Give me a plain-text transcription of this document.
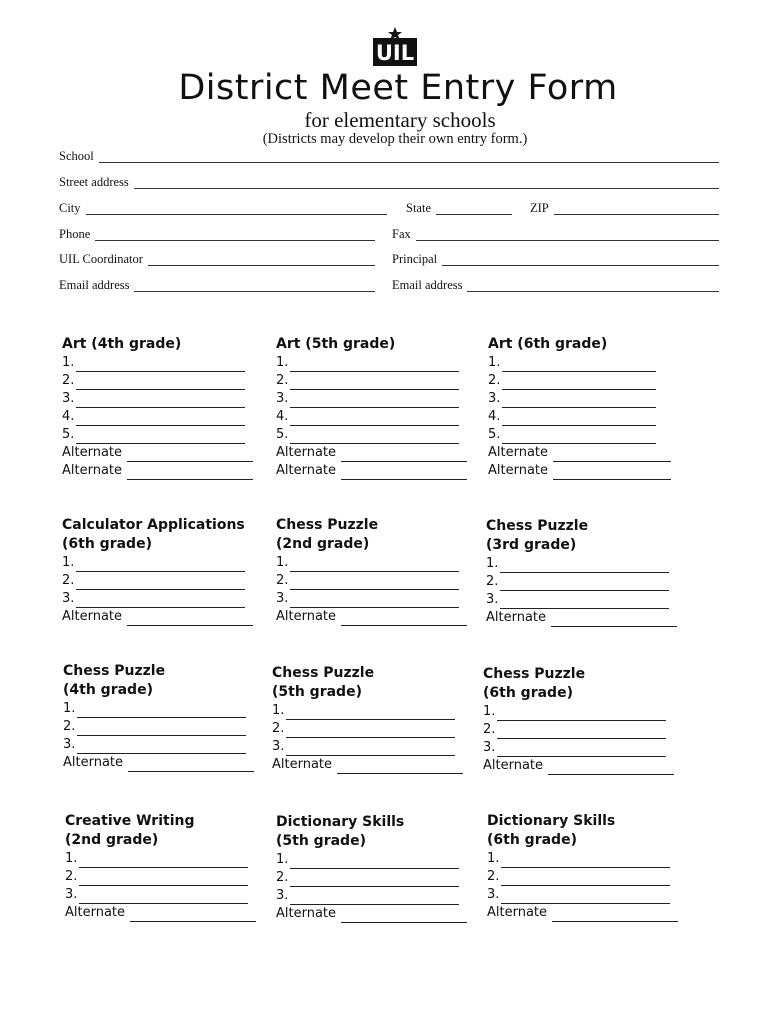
UIL
District Meet Entry Form
for elementary schools
(Districts may develop their own entry form.)
School
Street address
City	State	ZIP
Phone	Fax
UIL Coordinator	Principal
Email address	Email address
Art (4th grade)
1.
2.
3.
4.
5.
Alternate
Alternate
Art (5th grade)
1.
2.
3.
4.
5.
Alternate
Alternate
Art (6th grade)
1.
2.
3.
4.
5.
Alternate
Alternate
Calculator Applications
(6th grade)
1.
2.
3.
Alternate
Chess Puzzle
(2nd grade)
1.
2.
3.
Alternate
Chess Puzzle
(3rd grade)
1.
2.
3.
Alternate
Chess Puzzle
(4th grade)
1.
2.
3.
Alternate
Chess Puzzle
(5th grade)
1.
2.
3.
Alternate
Chess Puzzle
(6th grade)
1.
2.
3.
Alternate
Creative Writing
(2nd grade)
1.
2.
3.
Alternate
Dictionary Skills
(5th grade)
1.
2.
3.
Alternate
Dictionary Skills
(6th grade)
1.
2.
3.
Alternate
